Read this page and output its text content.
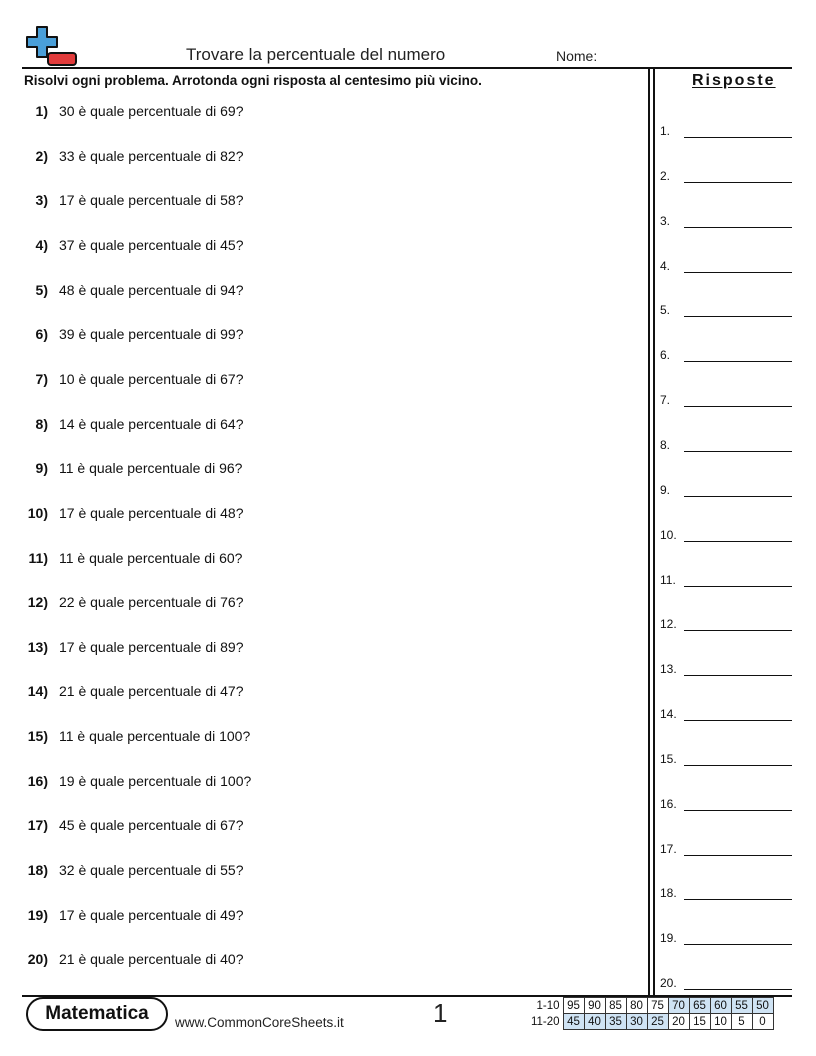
Trovare la percentuale del numero	Nome:
Risolvi ogni problema. Arrotonda ogni risposta al centesimo più vicino.
1) 30 è quale percentuale di 69?
2) 33 è quale percentuale di 82?
3) 17 è quale percentuale di 58?
4) 37 è quale percentuale di 45?
5) 48 è quale percentuale di 94?
6) 39 è quale percentuale di 99?
7) 10 è quale percentuale di 67?
8) 14 è quale percentuale di 64?
9) 11 è quale percentuale di 96?
10) 17 è quale percentuale di 48?
11) 11 è quale percentuale di 60?
12) 22 è quale percentuale di 76?
13) 17 è quale percentuale di 89?
14) 21 è quale percentuale di 47?
15) 11 è quale percentuale di 100?
16) 19 è quale percentuale di 100?
17) 45 è quale percentuale di 67?
18) 32 è quale percentuale di 55?
19) 17 è quale percentuale di 49?
20) 21 è quale percentuale di 40?
Risposte
1.
2.
3.
4.
5.
6.
7.
8.
9.
10.
11.
12.
13.
14.
15.
16.
17.
18.
19.
20.
Matematica	www.CommonCoreSheets.it	1	1-10	95	90	85	80	75	70	65	60	55	50
11-20	45	40	35	30	25	20	15	10	5	0
